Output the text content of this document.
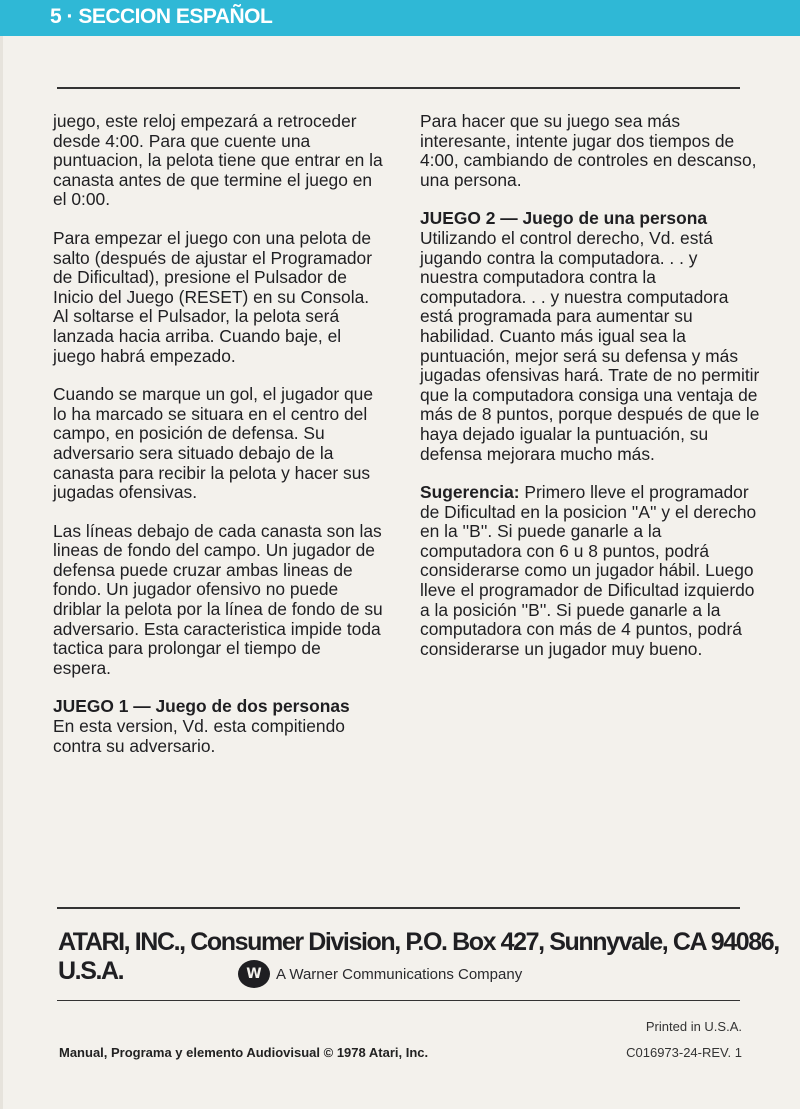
5 · SECCION ESPAÑOL

juego, este reloj empezará a retroceder desde 4:00. Para que cuente una puntuacion, la pelota tiene que entrar en la canasta antes de que termine el juego en el 0:00.

Para empezar el juego con una pelota de salto (después de ajustar el Programador de Dificultad), presione el Pulsador de Inicio del Juego (RESET) en su Consola. Al soltarse el Pulsador, la pelota será lanzada hacia arriba. Cuando baje, el juego habrá empezado.

Cuando se marque un gol, el jugador que lo ha marcado se situara en el centro del campo, en posición de defensa. Su adversario sera situado debajo de la canasta para recibir la pelota y hacer sus jugadas ofensivas.

Las líneas debajo de cada canasta son las lineas de fondo del campo. Un jugador de defensa puede cruzar ambas lineas de fondo. Un jugador ofensivo no puede driblar la pelota por la línea de fondo de su adversario. Esta caracteristica impide toda tactica para prolongar el tiempo de espera.

JUEGO 1 — Juego de dos personas
En esta version, Vd. esta compitiendo contra su adversario.

Para hacer que su juego sea más interesante, intente jugar dos tiempos de 4:00, cambiando de controles en descanso, una persona.

JUEGO 2 — Juego de una persona

Utilizando el control derecho, Vd. está jugando contra la computadora. . . y nuestra computadora contra la computadora. . . y nuestra computadora está programada para aumentar su habilidad. Cuanto más igual sea la puntuación, mejor será su defensa y más jugadas ofensivas hará. Trate de no permitir que la computadora consiga una ventaja de más de 8 puntos, porque después de que le haya dejado igualar la puntuación, su defensa mejorara mucho más.

Sugerencia: Primero lleve el programador de Dificultad en la posicion ''A'' y el derecho en la ''B''. Si puede ganarle a la computadora con 6 u 8 puntos, podrá considerarse como un jugador hábil. Luego lleve el programador de Dificultad izquierdo a la posición ''B''. Si puede ganarle a la computadora con más de 4 puntos, podrá considerarse un jugador muy bueno.

ATARI, INC., Consumer Division, P.O. Box 427, Sunnyvale, CA 94086, U.S.A.	W A Warner Communications Company
Printed in U.S.A.
Manual, Programa y elemento Audiovisual © 1978 Atari, Inc.	C016973-24-REV. 1
